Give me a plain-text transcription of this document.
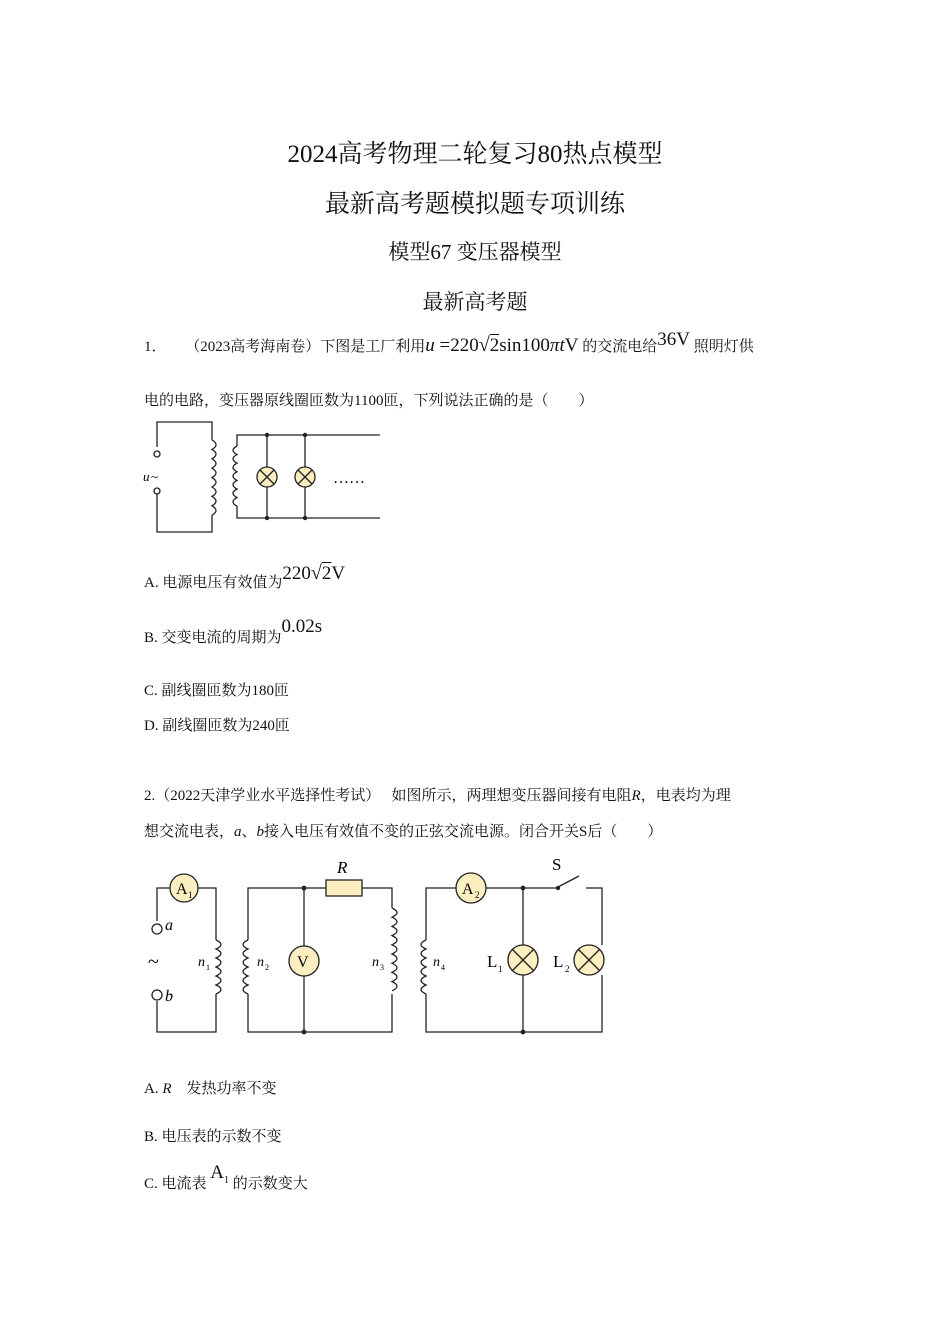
2024高考物理二轮复习80热点模型
最新高考题模拟题专项训练
模型67 变压器模型
最新高考题
1． （2023高考海南卷）下图是工厂利用u =220√2sin100πtV 的交流电给36V 照明灯供
电的电路，变压器原线圈匝数为1100匝，下列说法正确的是（　　）
u ~	……
A. 电源电压有效值为220√2V
B. 交变电流的周期为0.02s
C. 副线圈匝数为180匝
D. 副线圈匝数为240匝
2.（2022天津学业水平选择性考试） 如图所示，两理想变压器间接有电阻R，电表均为理
想交流电表，a、b接入电压有效值不变的正弦交流电源。闭合开关S后（　　）
A 1
R
V
A 2
S
L 1	L 2
a
b
~	n 1	n 2	n 3	n 4
A. R　发热功率不变
B. 电压表的示数不变
C. 电流表 $A_1$ 的示数变大
